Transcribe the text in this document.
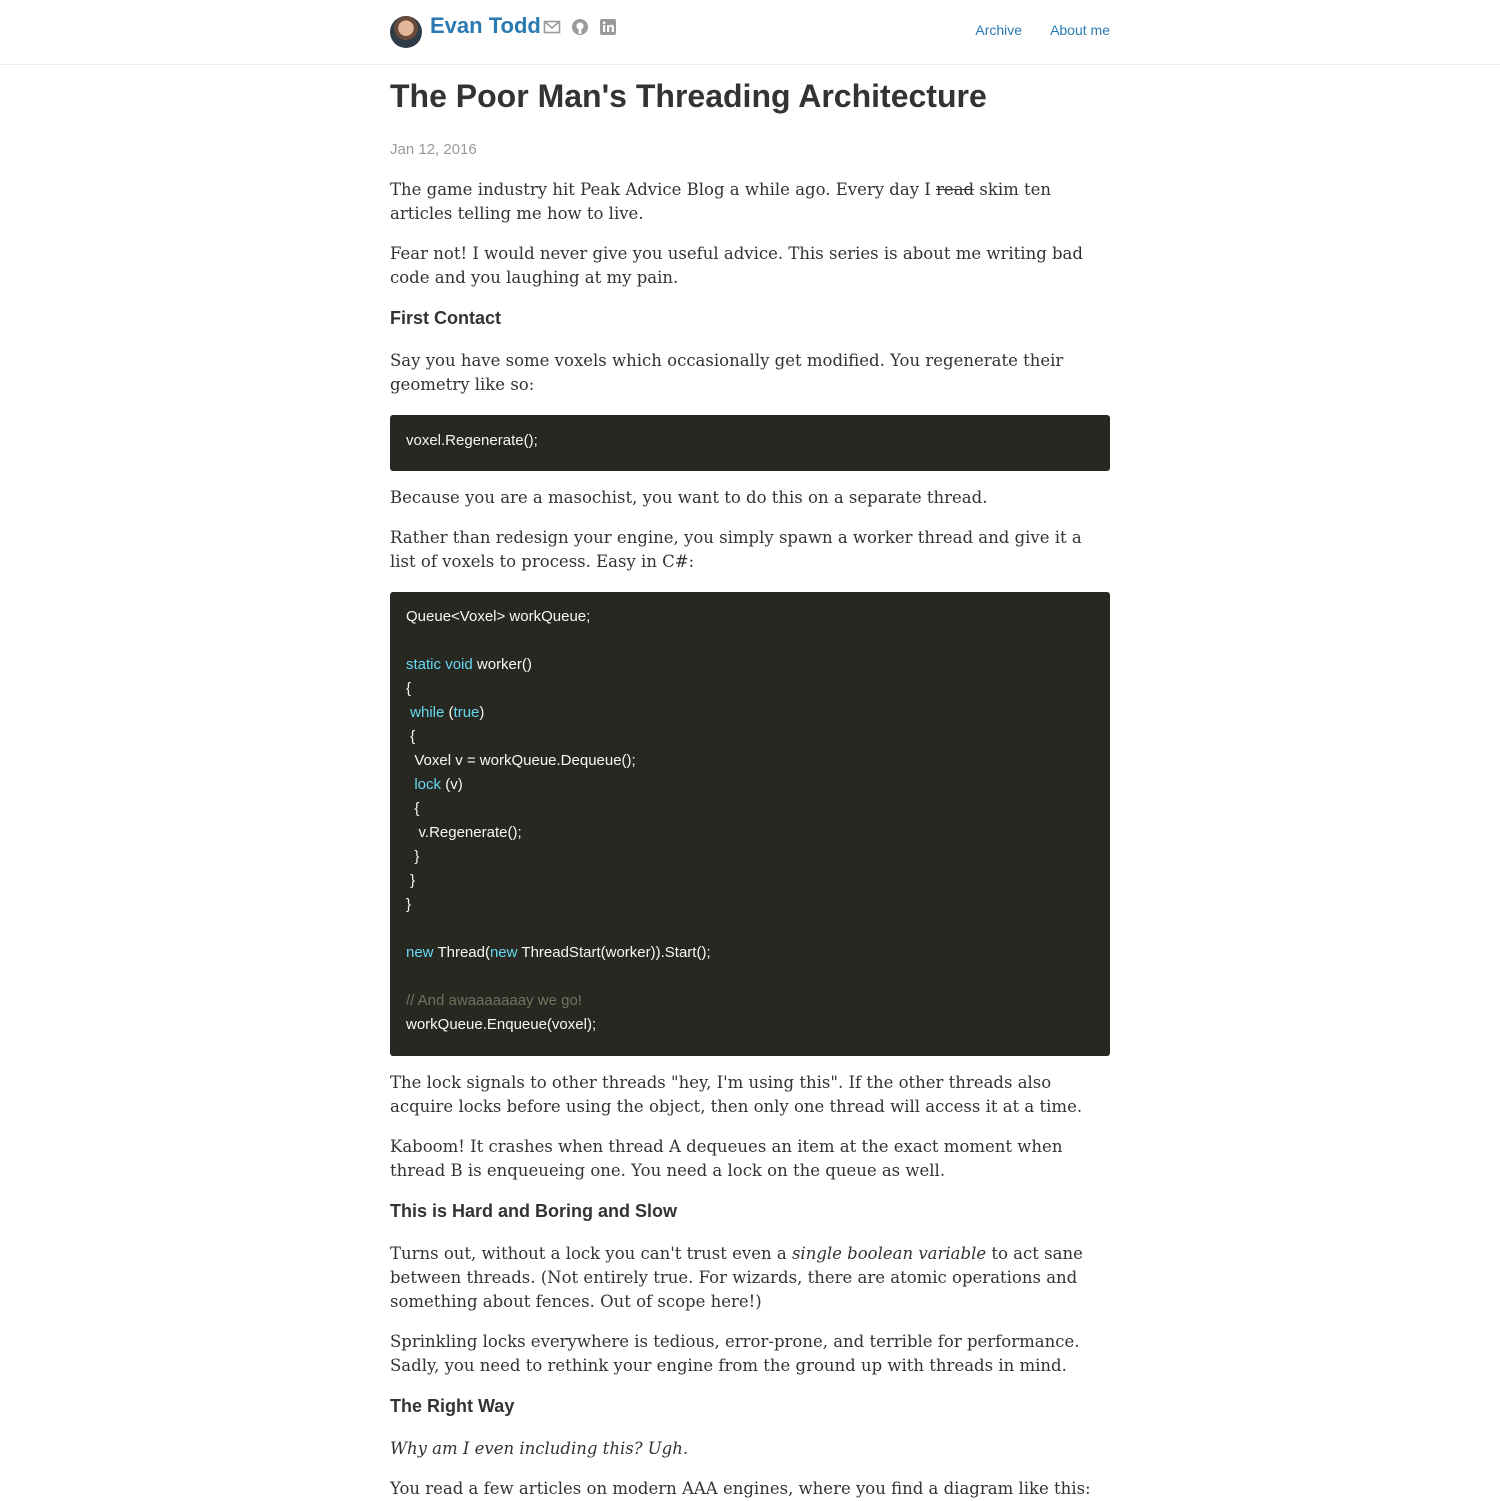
Evan Todd	Archive About me
The Poor Man's Threading Architecture
Jan 12, 2016

The game industry hit Peak Advice Blog a while ago. Every day I read skim ten articles telling me how to live.

Fear not! I would never give you useful advice. This series is about me writing bad code and you laughing at my pain.

First Contact

Say you have some voxels which occasionally get modified. You regenerate their geometry like so:

voxel.Regenerate();

Because you are a masochist, you want to do this on a separate thread.

Rather than redesign your engine, you simply spawn a worker thread and give it a list of voxels to process. Easy in C#:

Queue<Voxel> workQueue;

static void worker()
{
while (true)
{
Voxel v = workQueue.Dequeue();
lock (v)
{
v.Regenerate();
}
}
}

new Thread(new ThreadStart(worker)).Start();

// And awaaaaaaay we go!
workQueue.Enqueue(voxel);

The lock signals to other threads "hey, I'm using this". If the other threads also acquire locks before using the object, then only one thread will access it at a time.

Kaboom! It crashes when thread A dequeues an item at the exact moment when thread B is enqueueing one. You need a lock on the queue as well.

This is Hard and Boring and Slow

Turns out, without a lock you can't trust even a single boolean variable to act sane between threads. (Not entirely true. For wizards, there are atomic operations and something about fences. Out of scope here!)

Sprinkling locks everywhere is tedious, error-prone, and terrible for performance. Sadly, you need to rethink your engine from the ground up with threads in mind.

The Right Way

Why am I even including this? Ugh.

You read a few articles on modern AAA engines, where you find a diagram like this:
